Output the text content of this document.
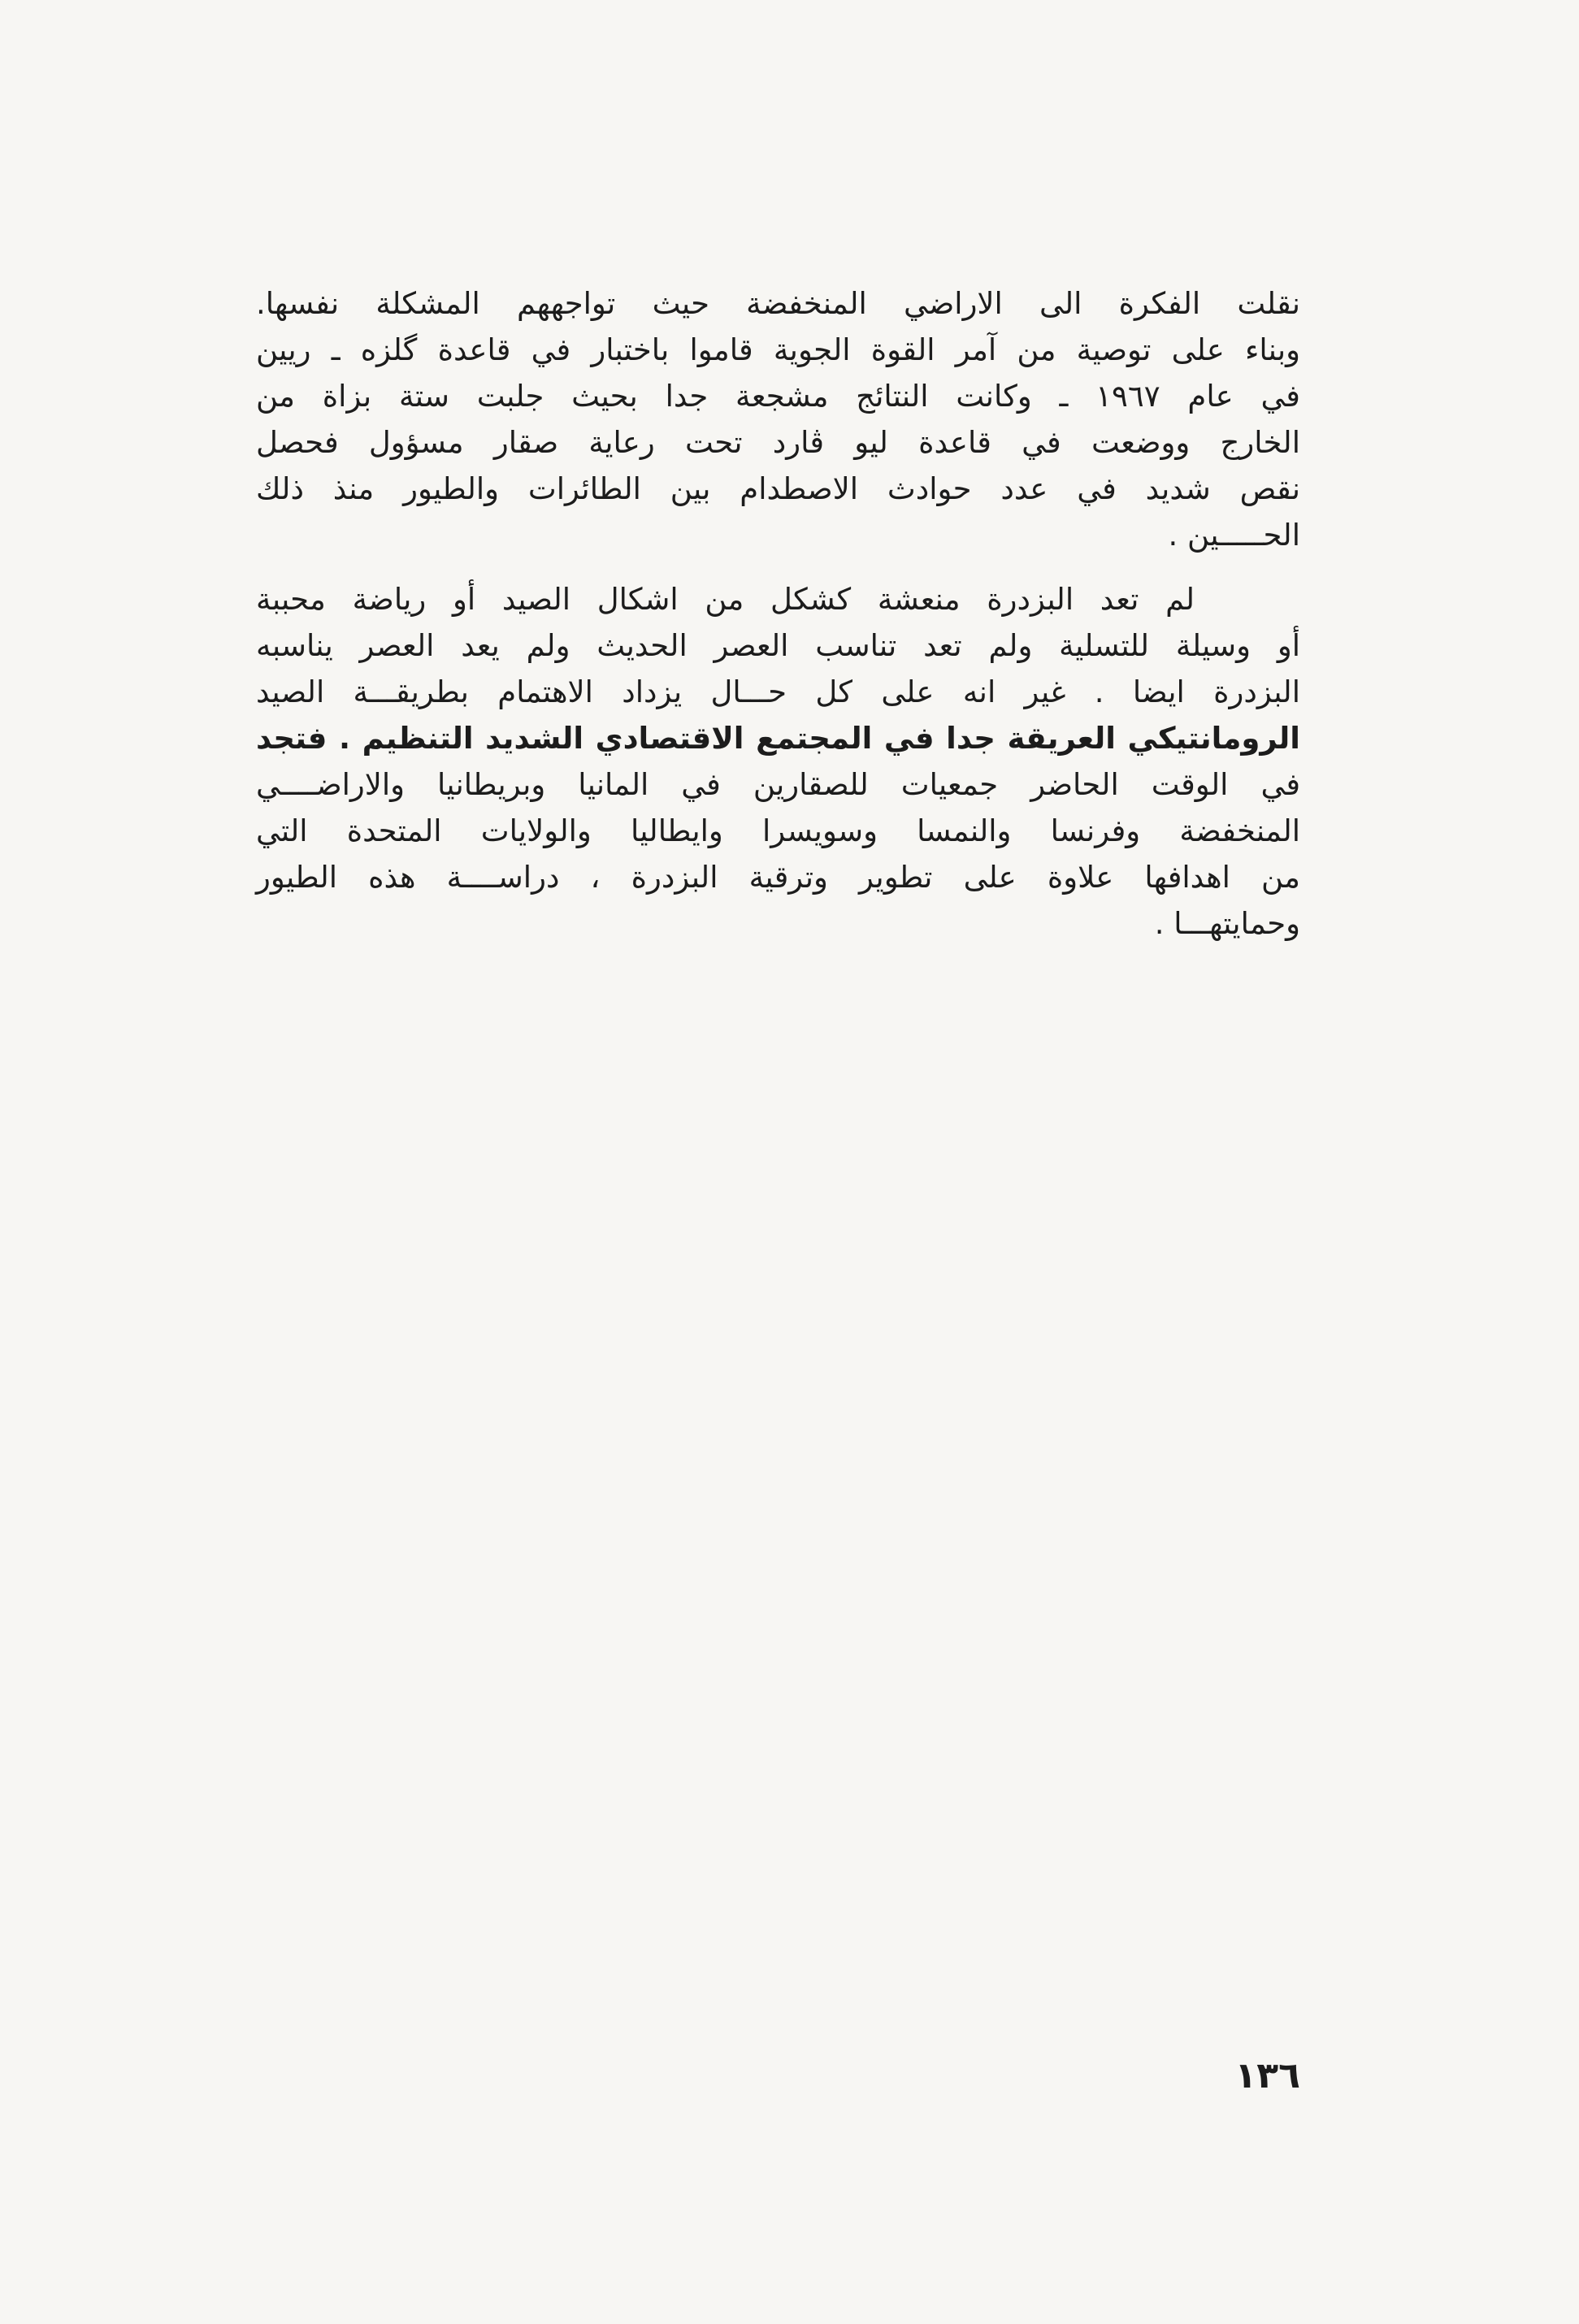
نقلت الفكرة الى الاراضي المنخفضة حيث تواجههم المشكلة نفسها.
وبناء على توصية من آمر القوة الجوية قاموا باختبار في قاعدة گلزه ـ ريين
في عام ١٩٦٧ ـ وكانت النتائج مشجعة جدا بحيث جلبت ستة بزاة من
الخارج ووضعت في قاعدة ليو ڤارد تحت رعاية صقار مسؤول فحصل
نقص شديد في عدد حوادث الاصطدام بين الطائرات والطيور منذ ذلك
الحـــــين .
لم تعد البزدرة منعشة كشكل من اشكال الصيد أو رياضة محببة
أو وسيلة للتسلية ولم تعد تناسب العصر الحديث ولم يعد العصر يناسبه
البزدرة ايضا . غير انه على كل حـــال يزداد الاهتمام بطريقـــة الصيد
الرومانتيكي العريقة جدا في المجتمع الاقتصادي الشديد التنظيم . فتجد
في الوقت الحاضر جمعيات للصقارين في المانيا وبريطانيا والاراضــــي
المنخفضة وفرنسا والنمسا وسويسرا وايطاليا والولايات المتحدة التي
من اهدافها علاوة على تطوير وترقية البزدرة ، دراســــة هذه الطيور
وحمايتهـــا .
١٣٦
